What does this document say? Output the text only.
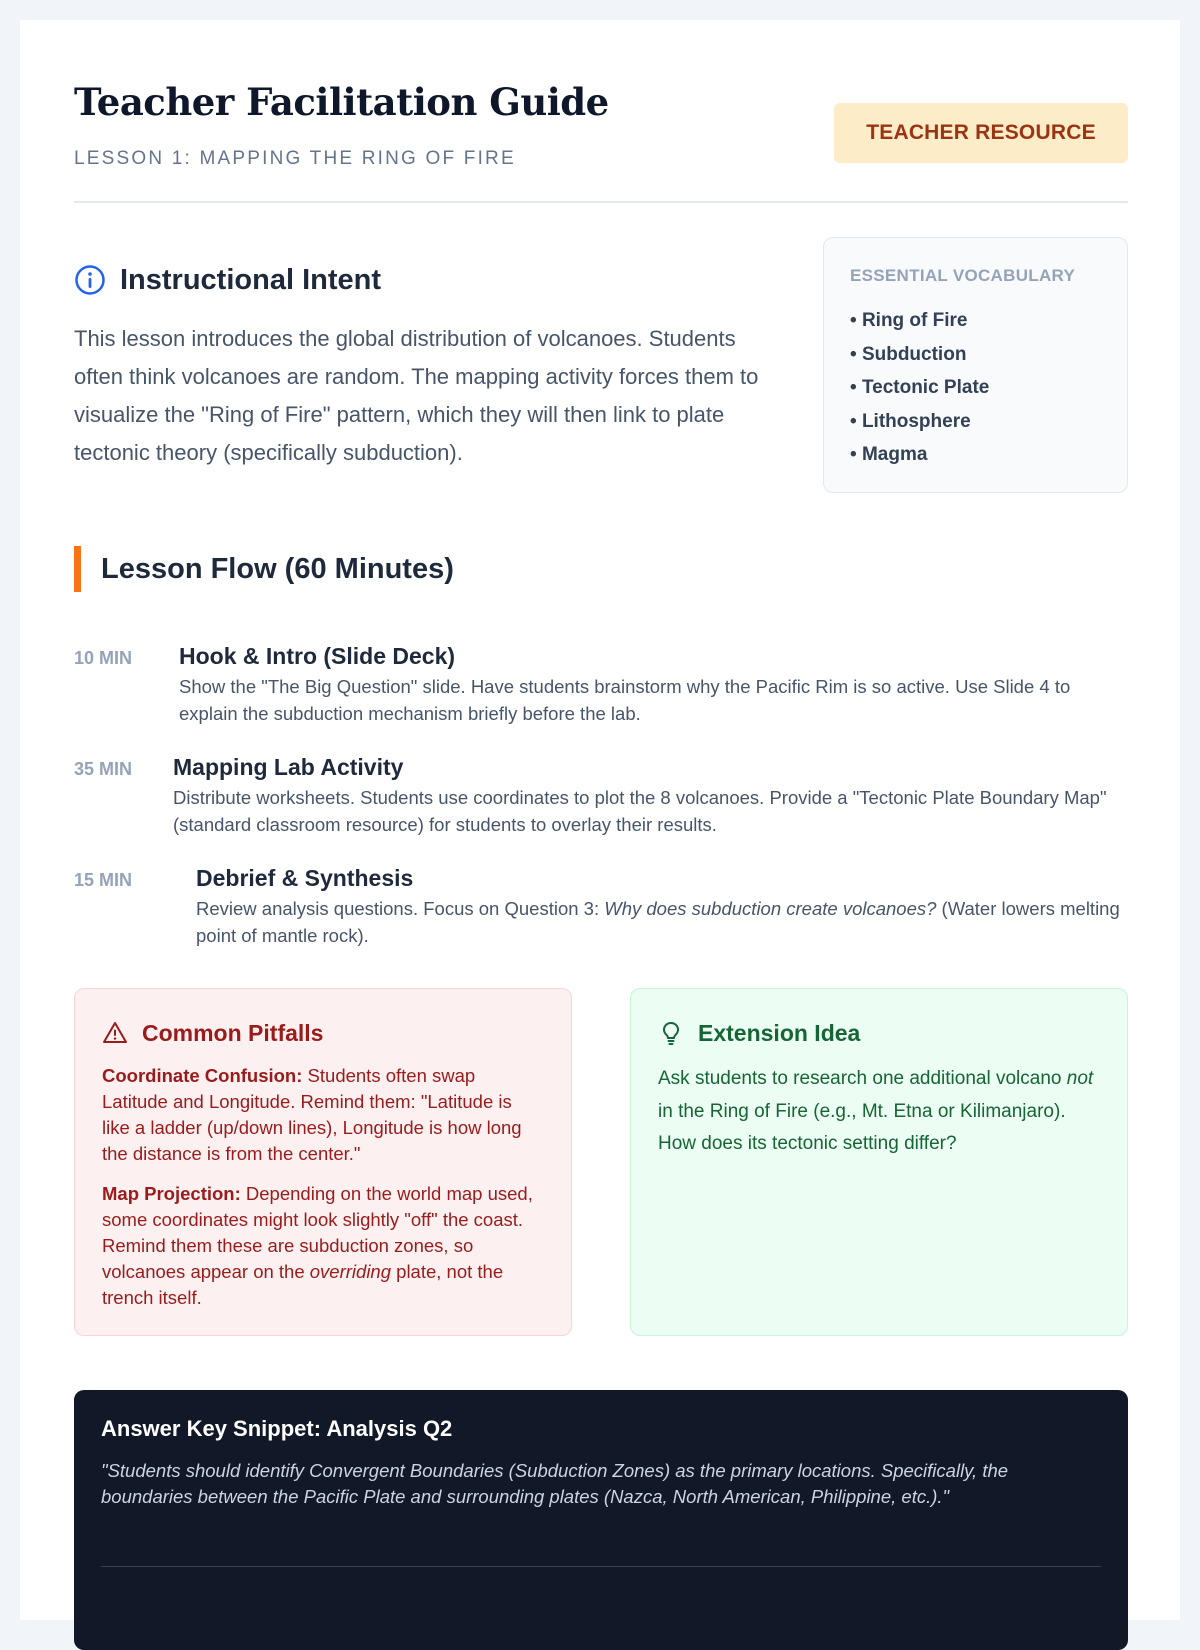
Teacher Facilitation Guide
LESSON 1: MAPPING THE RING OF FIRE
TEACHER RESOURCE
Instructional Intent

This lesson introduces the global distribution of volcanoes. Students often think volcanoes are random. The mapping activity forces them to visualize the "Ring of Fire" pattern, which they will then link to plate tectonic theory (specifically subduction).

ESSENTIAL VOCABULARY
• Ring of Fire
• Subduction
• Tectonic Plate
• Lithosphere
• Magma
Lesson Flow (60 Minutes)
10 MIN Hook & Intro (Slide Deck)
Show the "The Big Question" slide. Have students brainstorm why the Pacific Rim is so active. Use Slide 4 to explain the subduction mechanism briefly before the lab.
35 MIN Mapping Lab Activity
Distribute worksheets. Students use coordinates to plot the 8 volcanoes. Provide a "Tectonic Plate Boundary Map" (standard classroom resource) for students to overlay their results.
15 MIN	Debrief & Synthesis
Review analysis questions. Focus on Question 3: Why does subduction create volcanoes? (Water lowers melting point of mantle rock).
Common Pitfalls

Coordinate Confusion: Students often swap Latitude and Longitude. Remind them: "Latitude is like a ladder (up/down lines), Longitude is how long the distance is from the center."

Map Projection: Depending on the world map used, some coordinates might look slightly "off" the coast. Remind them these are subduction zones, so volcanoes appear on the overriding plate, not the trench itself.

Extension Idea

Ask students to research one additional volcano not in the Ring of Fire (e.g., Mt. Etna or Kilimanjaro). How does its tectonic setting differ?

Answer Key Snippet: Analysis Q2

"Students should identify Convergent Boundaries (Subduction Zones) as the primary locations. Specifically, the boundaries between the Pacific Plate and surrounding plates (Nazca, North American, Philippine, etc.)."
